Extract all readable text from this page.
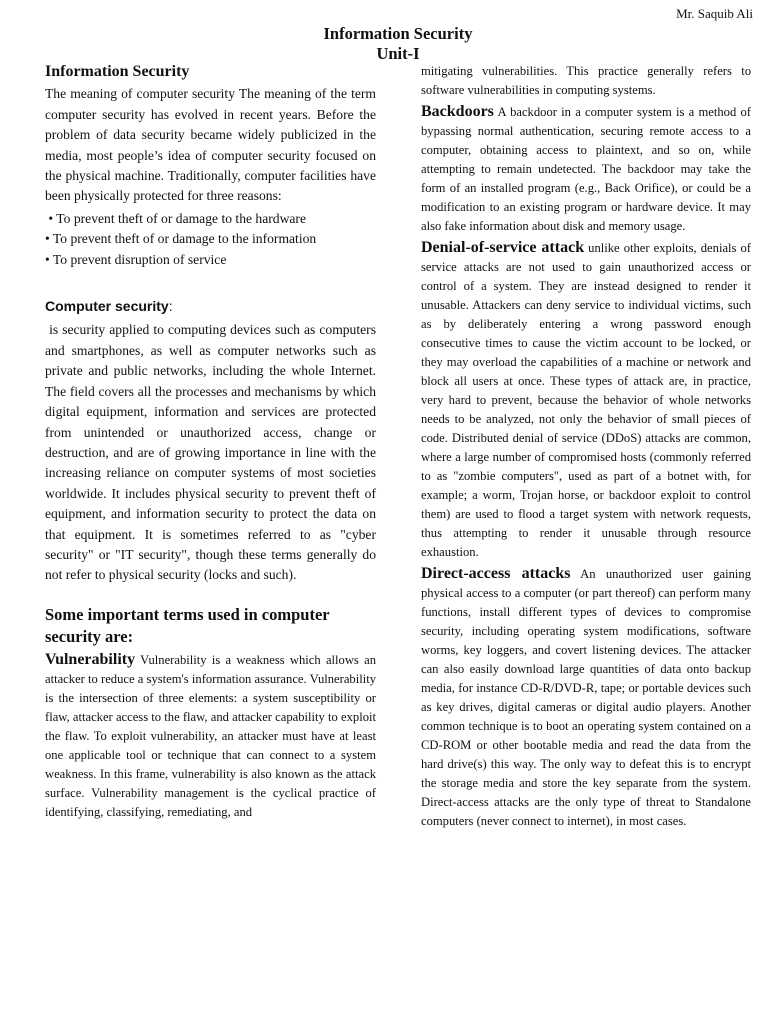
Mr. Saquib Ali
Information Security
Unit-I
Information Security

The meaning of computer security The meaning of the term computer security has evolved in recent years. Before the problem of data security became widely publicized in the media, most people’s idea of computer security focused on the physical machine. Traditionally, computer facilities have been physically protected for three reasons:

• To prevent theft of or damage to the hardware
• To prevent theft of or damage to the information
• To prevent disruption of service
Computer security:

is security applied to computing devices such as computers and smartphones, as well as computer networks such as private and public networks, including the whole Internet. The field covers all the processes and mechanisms by which digital equipment, information and services are protected from unintended or unauthorized access, change or destruction, and are of growing importance in line with the increasing reliance on computer systems of most societies worldwide. It includes physical security to prevent theft of equipment, and information security to protect the data on that equipment. It is sometimes referred to as "cyber security" or "IT security", though these terms generally do not refer to physical security (locks and such).

Some important terms used in computer security are:

Vulnerability Vulnerability is a weakness which allows an attacker to reduce a system's information assurance. Vulnerability is the intersection of three elements: a system susceptibility or flaw, attacker access to the flaw, and attacker capability to exploit the flaw. To exploit vulnerability, an attacker must have at least one applicable tool or technique that can connect to a system weakness. In this frame, vulnerability is also known as the attack surface. Vulnerability management is the cyclical practice of identifying, classifying, remediating, and

mitigating vulnerabilities. This practice generally refers to software vulnerabilities in computing systems.

Backdoors A backdoor in a computer system is a method of bypassing normal authentication, securing remote access to a computer, obtaining access to plaintext, and so on, while attempting to remain undetected. The backdoor may take the form of an installed program (e.g., Back Orifice), or could be a modification to an existing program or hardware device. It may also fake information about disk and memory usage.

Denial-of-service attack unlike other exploits, denials of service attacks are not used to gain unauthorized access or control of a system. They are instead designed to render it unusable. Attackers can deny service to individual victims, such as by deliberately entering a wrong password enough consecutive times to cause the victim account to be locked, or they may overload the capabilities of a machine or network and block all users at once. These types of attack are, in practice, very hard to prevent, because the behavior of whole networks needs to be analyzed, not only the behavior of small pieces of code. Distributed denial of service (DDoS) attacks are common, where a large number of compromised hosts (commonly referred to as "zombie computers", used as part of a botnet with, for example; a worm, Trojan horse, or backdoor exploit to control them) are used to flood a target system with network requests, thus attempting to render it unusable through resource exhaustion.

Direct-access attacks An unauthorized user gaining physical access to a computer (or part thereof) can perform many functions, install different types of devices to compromise security, including operating system modifications, software worms, key loggers, and covert listening devices. The attacker can also easily download large quantities of data onto backup media, for instance CD-R/DVD-R, tape; or portable devices such as key drives, digital cameras or digital audio players. Another common technique is to boot an operating system contained on a CD-ROM or other bootable media and read the data from the hard drive(s) this way. The only way to defeat this is to encrypt the storage media and store the key separate from the system. Direct-access attacks are the only type of threat to Standalone computers (never connect to internet), in most cases.
